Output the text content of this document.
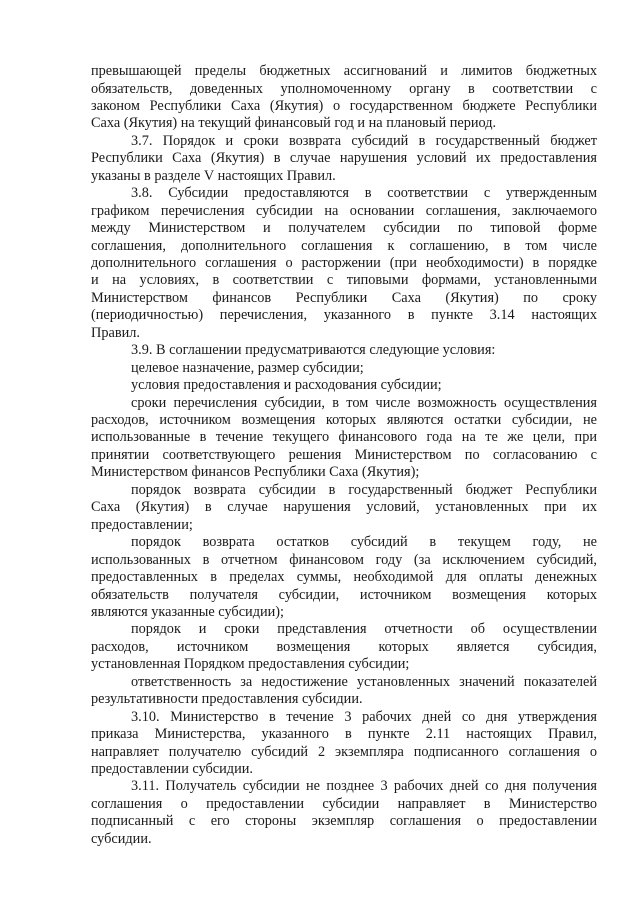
превышающей пределы бюджетных ассигнований и лимитов бюджетных
обязательств, доведенных уполномоченному органу в соответствии с
законом Республики Саха (Якутия) о государственном бюджете Республики
Саха (Якутия) на текущий финансовый год и на плановый период.
3.7. Порядок и сроки возврата субсидий в государственный бюджет
Республики Саха (Якутия) в случае нарушения условий их предоставления
указаны в разделе V настоящих Правил.
3.8. Субсидии предоставляются в соответствии с утвержденным
графиком перечисления субсидии на основании соглашения, заключаемого
между Министерством и получателем субсидии по типовой форме
соглашения, дополнительного соглашения к соглашению, в том числе
дополнительного соглашения о расторжении (при необходимости) в порядке
и на условиях, в соответствии с типовыми формами, установленными
Министерством финансов Республики Саха (Якутия) по сроку
(периодичностью) перечисления, указанного в пункте 3.14 настоящих
Правил.
3.9. В соглашении предусматриваются следующие условия:
целевое назначение, размер субсидии;
условия предоставления и расходования субсидии;
сроки перечисления субсидии, в том числе возможность осуществления
расходов, источником возмещения которых являются остатки субсидии, не
использованные в течение текущего финансового года на те же цели, при
принятии соответствующего решения Министерством по согласованию с
Министерством финансов Республики Саха (Якутия);
порядок возврата субсидии в государственный бюджет Республики
Саха (Якутия) в случае нарушения условий, установленных при их
предоставлении;
порядок возврата остатков субсидий в текущем году, не
использованных в отчетном финансовом году (за исключением субсидий,
предоставленных в пределах суммы, необходимой для оплаты денежных
обязательств получателя субсидии, источником возмещения которых
являются указанные субсидии);
порядок и сроки представления отчетности об осуществлении
расходов, источником возмещения которых является субсидия,
установленная Порядком предоставления субсидии;
ответственность за недостижение установленных значений показателей
результативности предоставления субсидии.
3.10. Министерство в течение 3 рабочих дней со дня утверждения
приказа Министерства, указанного в пункте 2.11 настоящих Правил,
направляет получателю субсидий 2 экземпляра подписанного соглашения о
предоставлении субсидии.
3.11. Получатель субсидии не позднее 3 рабочих дней со дня получения
соглашения о предоставлении субсидии направляет в Министерство
подписанный с его стороны экземпляр соглашения о предоставлении
субсидии.
